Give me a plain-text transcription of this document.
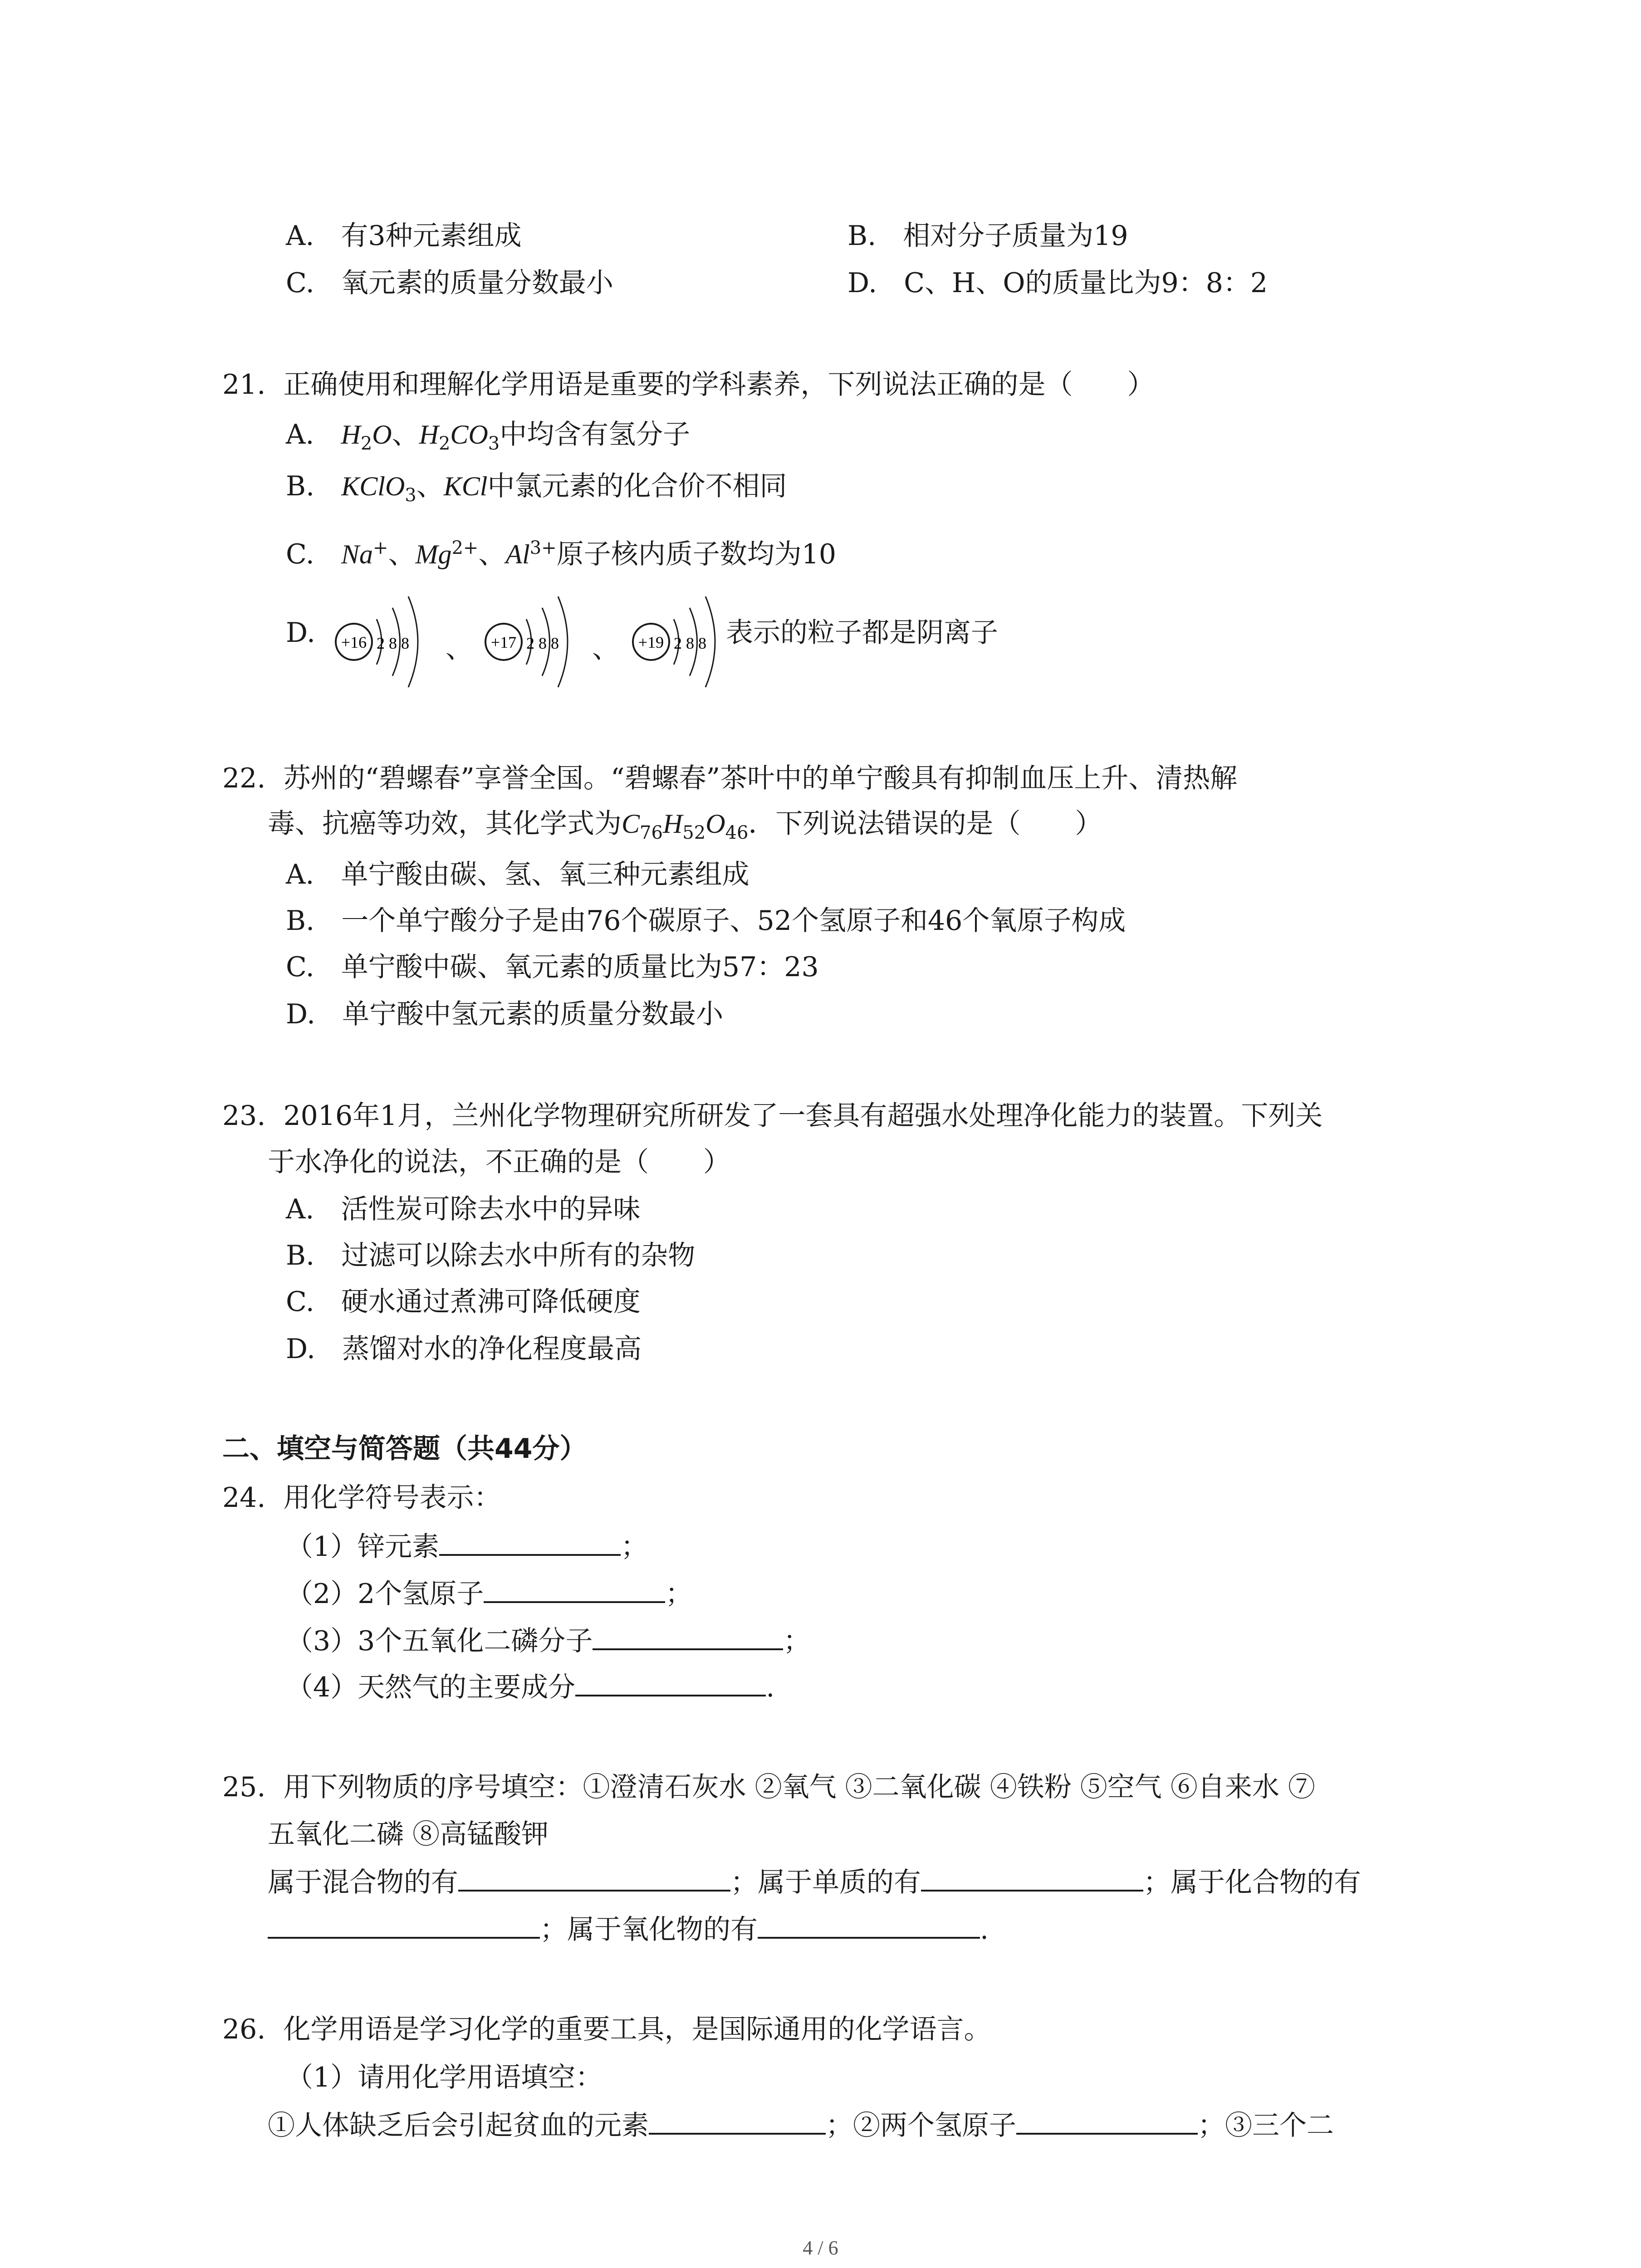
A. 有3种元素组成	B. 相对分子质量为19
C. 氧元素的质量分数最小	D. C、H、O的质量比为9：8：2
21. 正确使用和理解化学用语是重要的学科素养，下列说法正确的是（　　）
A. $H_2O$、$H_2CO_3$中均含有氢分子
B. KClO$_3$、KCl中氯元素的化合价不相同
C. Na+、$Mg^{2+}$、$Al^{3+}$原子核内质子数均为10
D. +16 2 8 8 、 +17 2 8 8 、 +19 2 8 8 表示的粒子都是阴离子
22. 苏州的“碧螺春”享誉全国。“碧螺春”茶叶中的单宁酸具有抑制血压上升、清热解
毒、抗癌等功效，其化学式为$C_{76}H_{52}O_{46}$．下列说法错误的是（　　）
A. 单宁酸由碳、氢、氧三种元素组成
B. 一个单宁酸分子是由76个碳原子、52个氢原子和46个氧原子构成
C. 单宁酸中碳、氧元素的质量比为57：23
D. 单宁酸中氢元素的质量分数最小
23. 2016年1月，兰州化学物理研究所研发了一套具有超强水处理净化能力的装置。下列关
于水净化的说法，不正确的是（　　）
A. 活性炭可除去水中的异味
B. 过滤可以除去水中所有的杂物
C. 硬水通过煮沸可降低硬度
D. 蒸馏对水的净化程度最高
二、填空与简答题（共44分）
24. 用化学符号表示：
（1）锌元素	；
（2）2个氢原子	；
（3）3个五氧化二磷分子	；
（4）天然气的主要成分	.
25. 用下列物质的序号填空：①澄清石灰水 ②氧气 ③二氧化碳 ④铁粉 ⑤空气 ⑥自来水 ⑦
五氧化二磷 ⑧高锰酸钾
属于混合物的有	；属于单质的有	；属于化合物的有
；属于氧化物的有	.
26. 化学用语是学习化学的重要工具，是国际通用的化学语言。
（1）请用化学用语填空：
①人体缺乏后会引起贫血的元素	；②两个氢原子	；③三个二
4 / 6
